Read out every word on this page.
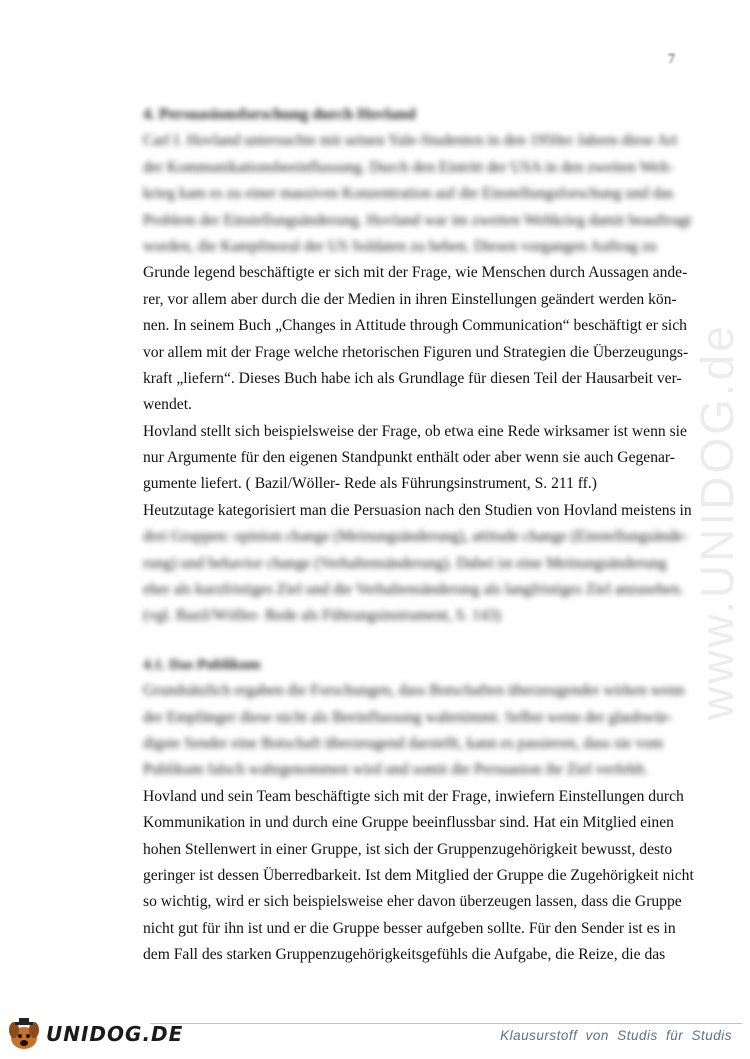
7
www.UNIDOG.de
4. Persuasionsforschung durch Hovland
Carl I. Hovland untersuchte mit seinen Yale-Studenten in den 1950er Jahren diese Art
der Kommunikationsbeeinflussung. Durch den Eintritt der USA in den zweiten Welt-
krieg kam es zu einer massiven Konzentration auf die Einstellungsforschung und das
Problem der Einstellungsänderung. Hovland war im zweiten Weltkrieg damit beauftragt
worden, die Kampfmoral der US Soldaten zu heben. Diesen vorgangen Auftrag zu
Grunde legend beschäftigte er sich mit der Frage, wie Menschen durch Aussagen ande-
rer, vor allem aber durch die der Medien in ihren Einstellungen geändert werden kön-
nen. In seinem Buch „Changes in Attitude through Communication“ beschäftigt er sich
vor allem mit der Frage welche rhetorischen Figuren und Strategien die Überzeugungs-
kraft „liefern“. Dieses Buch habe ich als Grundlage für diesen Teil der Hausarbeit ver-
wendet.
Hovland stellt sich beispielsweise der Frage, ob etwa eine Rede wirksamer ist wenn sie
nur Argumente für den eigenen Standpunkt enthält oder aber wenn sie auch Gegenar-
gumente liefert. ( Bazil/Wöller- Rede als Führungsinstrument, S. 211 ff.)
Heutzutage kategorisiert man die Persuasion nach den Studien von Hovland meistens in
drei Gruppen: opinion change (Meinungsänderung), attitude change (Einstellungsände-
rung) und behavior change (Verhaltensänderung). Dabei ist eine Meinungsänderung
eher als kurzfristiges Ziel und die Verhaltensänderung als langfristiges Ziel anzusehen.
(vgl. Bazil/Wöller- Rede als Führungsinstrument, S. 143)
4.1. Das Publikum
Grundsätzlich ergaben die Forschungen, dass Botschaften überzeugender wirken wenn
der Empfänger diese nicht als Beeinflussung wahrnimmt. Selbst wenn der glaubwür-
digste Sender eine Botschaft überzeugend darstellt, kann es passieren, dass sie vom
Publikum falsch wahrgenommen wird und somit die Persuasion ihr Ziel verfehlt.
Hovland und sein Team beschäftigte sich mit der Frage, inwiefern Einstellungen durch
Kommunikation in und durch eine Gruppe beeinflussbar sind. Hat ein Mitglied einen
hohen Stellenwert in einer Gruppe, ist sich der Gruppenzugehörigkeit bewusst, desto
geringer ist dessen Überredbarkeit. Ist dem Mitglied der Gruppe die Zugehörigkeit nicht
so wichtig, wird er sich beispielsweise eher davon überzeugen lassen, dass die Gruppe
nicht gut für ihn ist und er die Gruppe besser aufgeben sollte. Für den Sender ist es in
dem Fall des starken Gruppenzugehörigkeitsgefühls die Aufgabe, die Reize, die das
UNIDOG.DE	Klausurstoff von Studis für Studis
